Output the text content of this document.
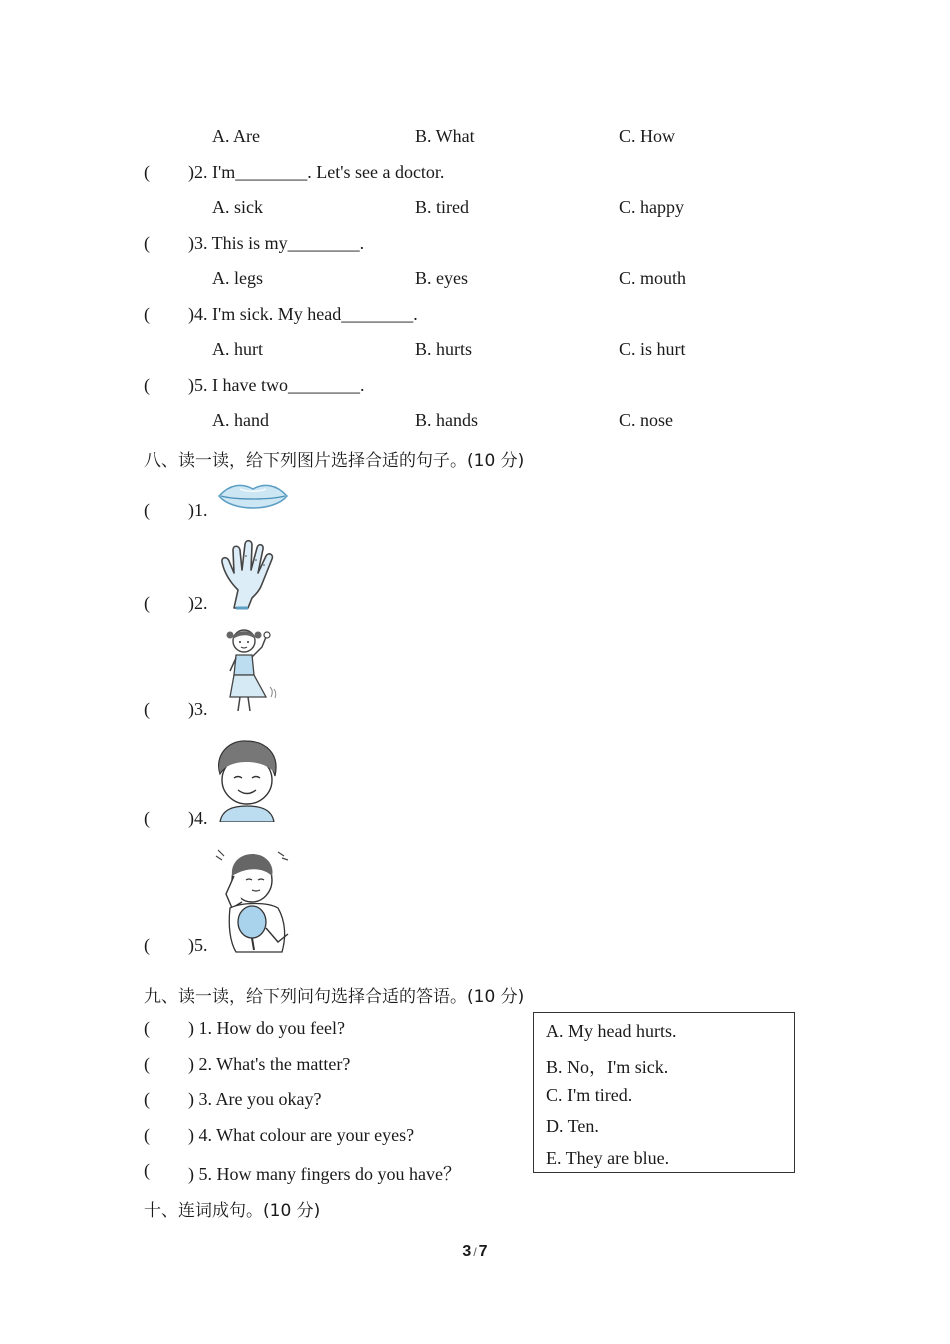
A. Are	B. What	C. How
( )2. I'm________. Let's see a doctor.
A. sick	B. tired	C. happy
( )3. This is my________.
A. legs	B. eyes	C. mouth
( )4. I'm sick. My head________.
A. hurt	B. hurts	C. is hurt
( )5. I have two________.
A. hand	B. hands	C. nose
八、读一读，给下列图片选择合适的句子。(10 分)
( )1.
( )2.
( )3.
( )4.
( )5.
九、读一读，给下列问句选择合适的答语。(10 分)
( ) 1. How do you feel?
( ) 2. What's the matter?
( ) 3. Are you okay?
( ) 4. What colour are your eyes?
( ) 5. How many fingers do you have？
A. My head hurts.
B. No，I'm sick.
C. I'm tired.
D. Ten.
E. They are blue.
十、连词成句。(10 分)
3 / 7
